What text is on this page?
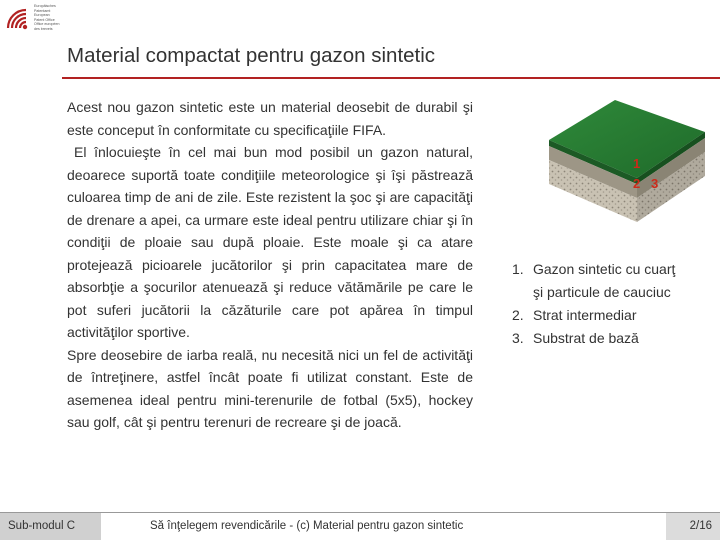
Europäisches
Patentamt
European
Patent Office
Office européen
des brevets
Material compactat pentru gazon sintetic

Acest nou gazon sintetic este un material deosebit de durabil şi este conceput în conformitate cu specificaţiile FIFA.

El înlocuieşte în cel mai bun mod posibil un gazon natural, deoarece suportă toate condiţiile meteorologice şi îşi păstrează culoarea timp de ani de zile. Este rezistent la şoc şi are capacităţi de drenare a apei, ca urmare este ideal pentru utilizare chiar şi în condiţii de ploaie sau după ploaie. Este moale şi ca atare protejează picioarele jucătorilor şi prin capacitatea mare de absorbţie a şocurilor atenuează şi reduce vătămările pe care le pot suferi jucătorii la căzăturile care pot apărea în timpul activităţilor sportive.

Spre deosebire de iarba reală, nu necesită nici un fel de activităţi de întreţinere, astfel încât poate fi utilizat constant. Este de asemenea ideal pentru mini-terenurile de fotbal (5x5), hockey sau golf, cât şi pentru terenuri de recreare şi de joacă.

1
2 3
1. Gazon sintetic cu cuarţ şi particule de cauciuc
2. Strat intermediar
3. Substrat de bază
Sub-modul C	Să înţelegem revendicările - (c) Material pentru gazon sintetic	2/16
